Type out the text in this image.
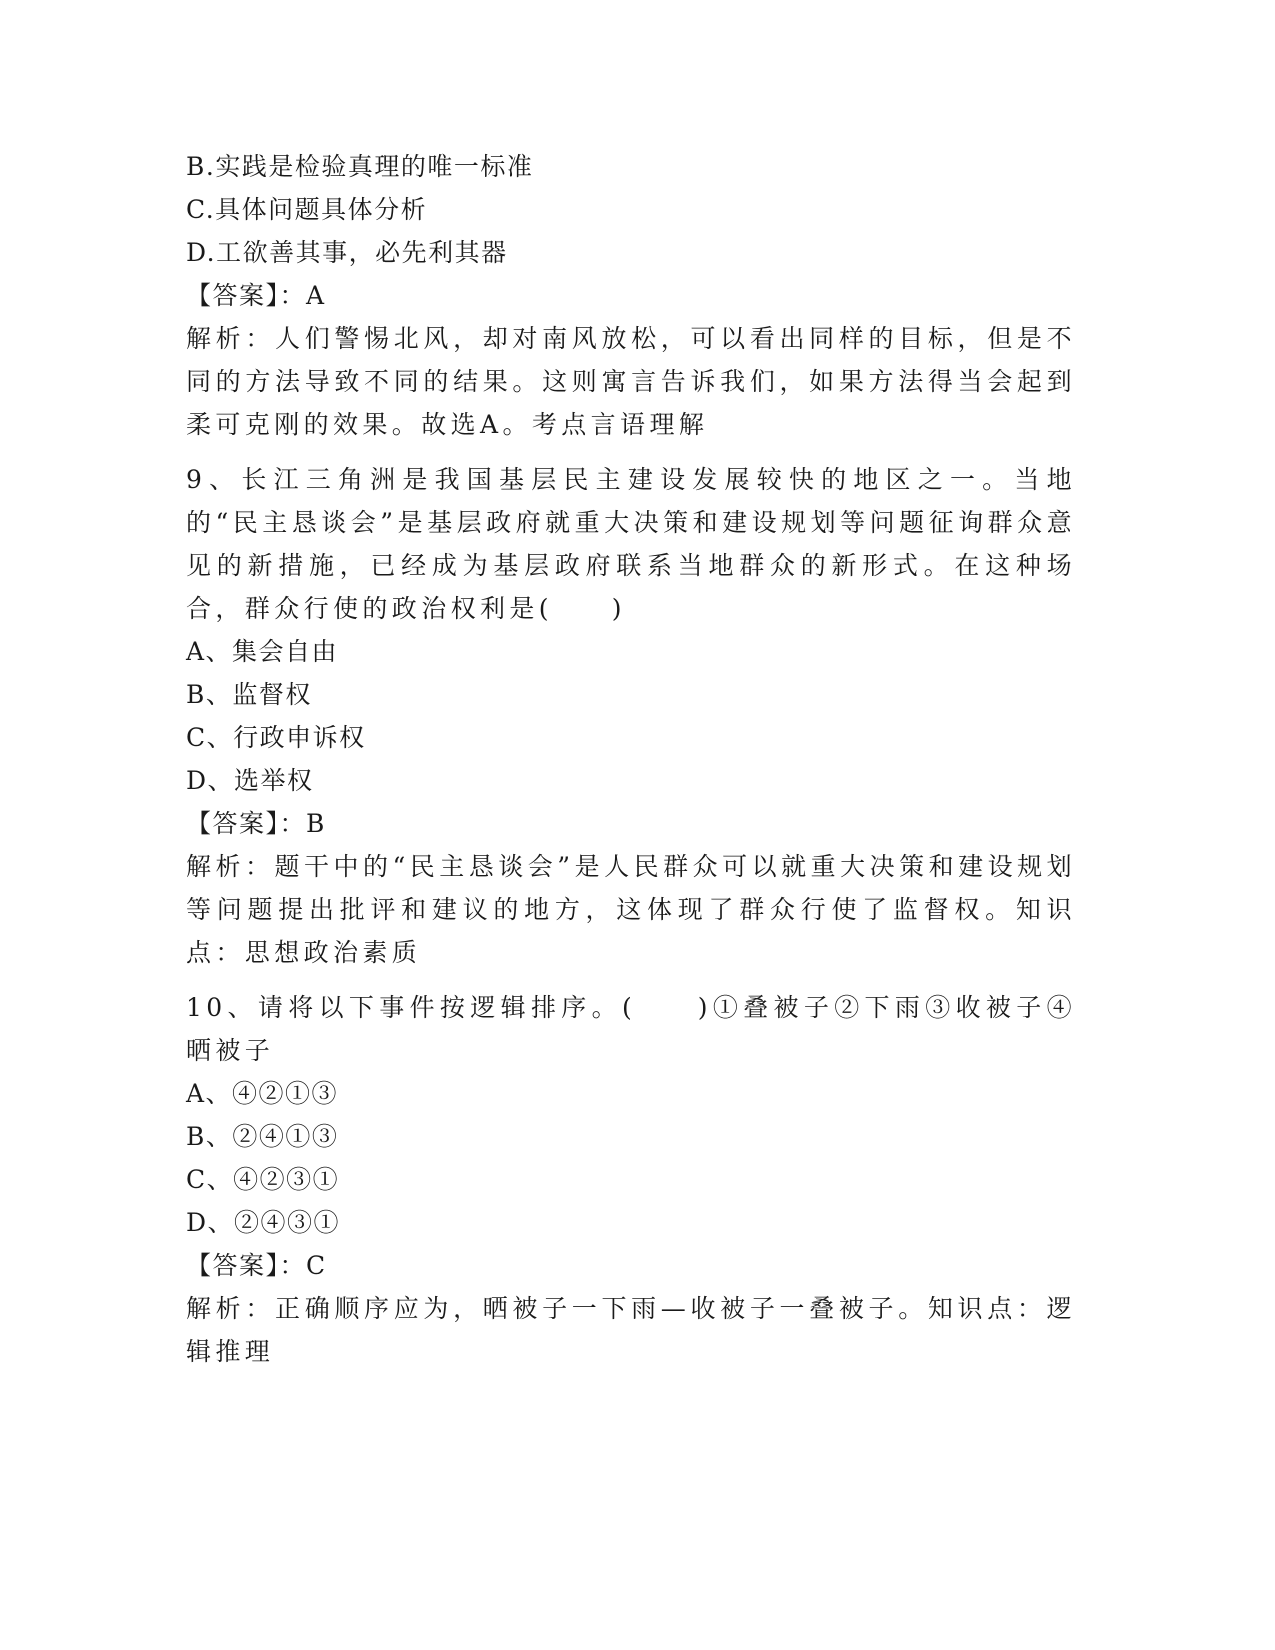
B.实践是检验真理的唯一标准
C.具体问题具体分析
D.工欲善其事，必先利其器
【答案】：A
解析：人们警惕北风，却对南风放松，可以看出同样的目标，但是不同的方法导致不同的结果。这则寓言告诉我们，如果方法得当会起到柔可克刚的效果。故选A。考点言语理解
9、长江三角洲是我国基层民主建设发展较快的地区之一。当地的“民主恳谈会”是基层政府就重大决策和建设规划等问题征询群众意见的新措施，已经成为基层政府联系当地群众的新形式。在这种场合，群众行使的政治权利是(　　)
A、集会自由
B、监督权
C、行政申诉权
D、选举权
【答案】：B
解析：题干中的“民主恳谈会”是人民群众可以就重大决策和建设规划等问题提出批评和建议的地方，这体现了群众行使了监督权。知识点：思想政治素质
10、请将以下事件按逻辑排序。(　　)①叠被子②下雨③收被子④晒被子
A、④②①③
B、②④①③
C、④②③①
D、②④③①
【答案】：C
解析：正确顺序应为，晒被子一下雨—收被子一叠被子。知识点：逻辑推理
